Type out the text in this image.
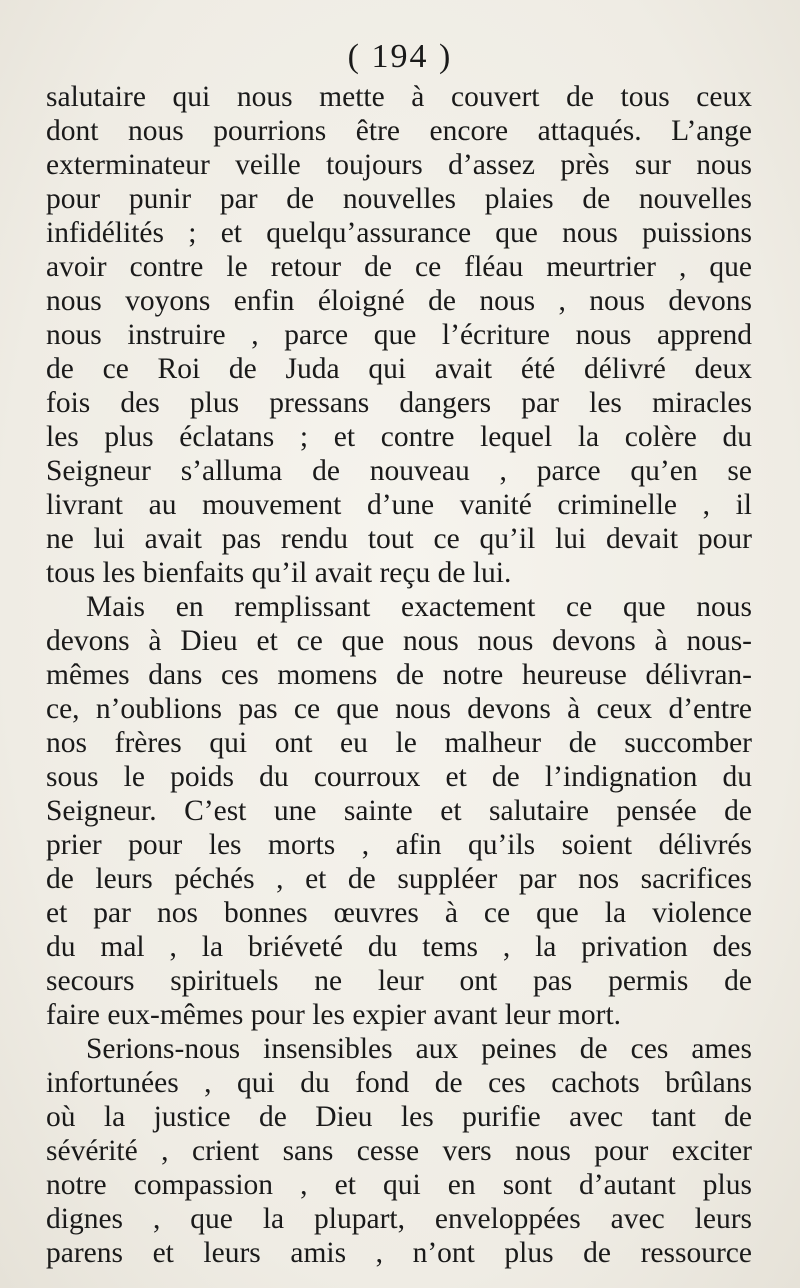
( 194 )
salutaire qui nous mette à couvert de tous ceux
dont nous pourrions être encore attaqués. L’ange
exterminateur veille toujours d’assez près sur nous
pour punir par de nouvelles plaies de nouvelles
infidélités ; et quelqu’assurance que nous puissions
avoir contre le retour de ce fléau meurtrier , que
nous voyons enfin éloigné de nous , nous devons
nous instruire , parce que l’écriture nous apprend
de ce Roi de Juda qui avait été délivré deux
fois des plus pressans dangers par les miracles
les plus éclatans ; et contre lequel la colère du
Seigneur s’alluma de nouveau , parce qu’en se
livrant au mouvement d’une vanité criminelle , il
ne lui avait pas rendu tout ce qu’il lui devait pour
tous les bienfaits qu’il avait reçu de lui.
Mais en remplissant exactement ce que nous
devons à Dieu et ce que nous nous devons à nous-
mêmes dans ces momens de notre heureuse délivran-
ce, n’oublions pas ce que nous devons à ceux d’entre
nos frères qui ont eu le malheur de succomber
sous le poids du courroux et de l’indignation du
Seigneur. C’est une sainte et salutaire pensée de
prier pour les morts , afin qu’ils soient délivrés
de leurs péchés , et de suppléer par nos sacrifices
et par nos bonnes œuvres à ce que la violence
du mal , la briéveté du tems , la privation des
secours spirituels ne leur ont pas permis de
faire eux-mêmes pour les expier avant leur mort.
Serions-nous insensibles aux peines de ces ames
infortunées , qui du fond de ces cachots brûlans
où la justice de Dieu les purifie avec tant de
sévérité , crient sans cesse vers nous pour exciter
notre compassion , et qui en sont d’autant plus
dignes , que la plupart, enveloppées avec leurs
parens et leurs amis , n’ont plus de ressource
